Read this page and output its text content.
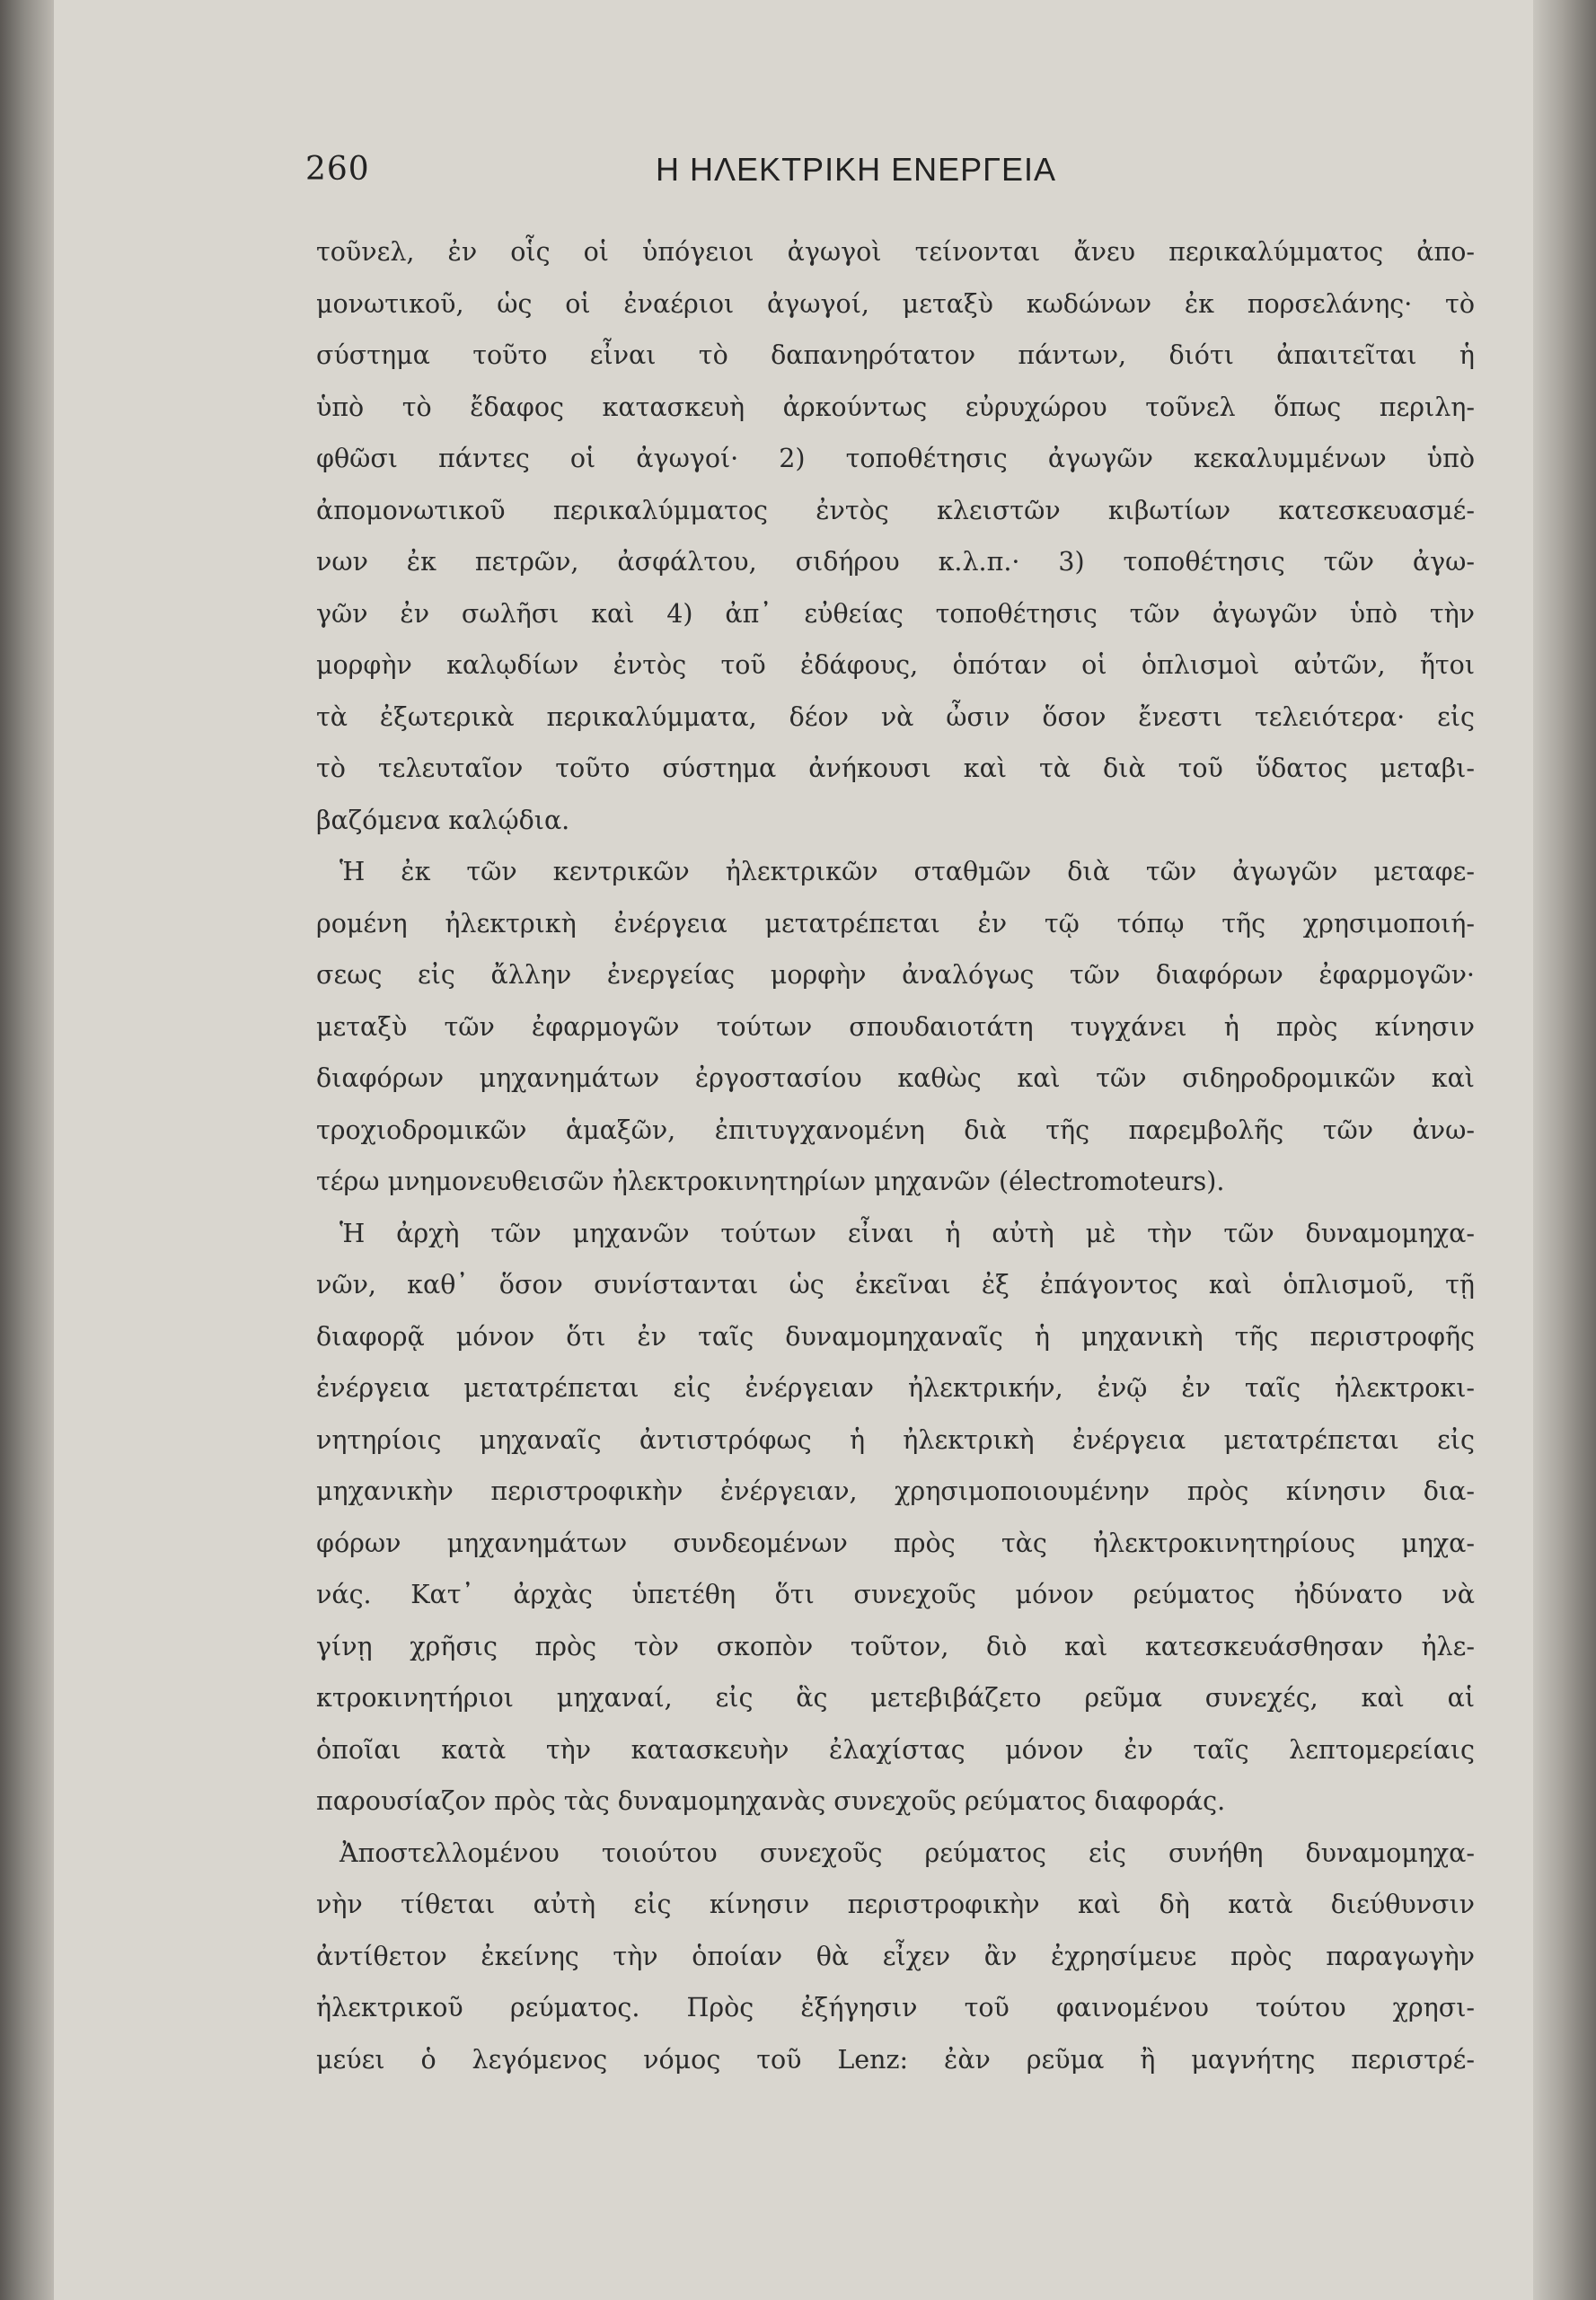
260	Η ΗΛΕΚΤΡΙΚΗ ΕΝΕΡΓΕΙΑ
τοῦνελ, ἐν οἷς οἱ ὑπόγειοι ἀγωγοὶ τείνονται ἄνευ περικαλύμματος ἀπο-
μονωτικοῦ, ὡς οἱ ἐναέριοι ἀγωγοί, μεταξὺ κωδώνων ἐκ πορσελάνης· τὸ
σύστημα τοῦτο εἶναι τὸ δαπανηρότατον πάντων, διότι ἀπαιτεῖται ἡ
ὑπὸ τὸ ἔδαφος κατασκευὴ ἀρκούντως εὐρυχώρου τοῦνελ ὅπως περιλη-
φθῶσι πάντες οἱ ἀγωγοί· 2) τοποθέτησις ἀγωγῶν κεκαλυμμένων ὑπὸ
ἀπομονωτικοῦ περικαλύμματος ἐντὸς κλειστῶν κιβωτίων κατεσκευασμέ-
νων ἐκ πετρῶν, ἀσφάλτου, σιδήρου κ.λ.π.· 3) τοποθέτησις τῶν ἀγω-
γῶν ἐν σωλῆσι καὶ 4) ἀπ᾽ εὐθείας τοποθέτησις τῶν ἀγωγῶν ὑπὸ τὴν
μορφὴν καλῳδίων ἐντὸς τοῦ ἐδάφους, ὁπόταν οἱ ὁπλισμοὶ αὐτῶν, ἤτοι
τὰ ἐξωτερικὰ περικαλύμματα, δέον νὰ ὦσιν ὅσον ἔνεστι τελειότερα· εἰς
τὸ τελευταῖον τοῦτο σύστημα ἀνήκουσι καὶ τὰ διὰ τοῦ ὕδατος μεταβι-
βαζόμενα καλῴδια.
Ἡ ἐκ τῶν κεντρικῶν ἠλεκτρικῶν σταθμῶν διὰ τῶν ἀγωγῶν μεταφε-
ρομένη ἠλεκτρικὴ ἐνέργεια μετατρέπεται ἐν τῷ τόπῳ τῆς χρησιμοποιή-
σεως εἰς ἄλλην ἐνεργείας μορφὴν ἀναλόγως τῶν διαφόρων ἐφαρμογῶν·
μεταξὺ τῶν ἐφαρμογῶν τούτων σπουδαιοτάτη τυγχάνει ἡ πρὸς κίνησιν
διαφόρων μηχανημάτων ἐργοστασίου καθὼς καὶ τῶν σιδηροδρομικῶν καὶ
τροχιοδρομικῶν ἁμαξῶν, ἐπιτυγχανομένη διὰ τῆς παρεμβολῆς τῶν ἀνω-
τέρω μνημονευθεισῶν ἠλεκτροκινητηρίων μηχανῶν (électromoteurs).
Ἡ ἀρχὴ τῶν μηχανῶν τούτων εἶναι ἡ αὐτὴ μὲ τὴν τῶν δυναμομηχα-
νῶν, καθ᾽ ὅσον συνίστανται ὡς ἐκεῖναι ἐξ ἐπάγοντος καὶ ὁπλισμοῦ, τῇ
διαφορᾷ μόνον ὅτι ἐν ταῖς δυναμομηχαναῖς ἡ μηχανικὴ τῆς περιστροφῆς
ἐνέργεια μετατρέπεται εἰς ἐνέργειαν ἠλεκτρικήν, ἐνῷ ἐν ταῖς ἠλεκτροκι-
νητηρίοις μηχαναῖς ἀντιστρόφως ἡ ἠλεκτρικὴ ἐνέργεια μετατρέπεται εἰς
μηχανικὴν περιστροφικὴν ἐνέργειαν, χρησιμοποιουμένην πρὸς κίνησιν δια-
φόρων μηχανημάτων συνδεομένων πρὸς τὰς ἠλεκτροκινητηρίους μηχα-
νάς. Κατ᾽ ἀρχὰς ὑπετέθη ὅτι συνεχοῦς μόνον ρεύματος ἠδύνατο νὰ
γίνῃ χρῆσις πρὸς τὸν σκοπὸν τοῦτον, διὸ καὶ κατεσκευάσθησαν ἠλε-
κτροκινητήριοι μηχαναί, εἰς ἃς μετεβιβάζετο ρεῦμα συνεχές, καὶ αἱ
ὁποῖαι κατὰ τὴν κατασκευὴν ἐλαχίστας μόνον ἐν ταῖς λεπτομερείαις
παρουσίαζον πρὸς τὰς δυναμομηχανὰς συνεχοῦς ρεύματος διαφοράς.
Ἀποστελλομένου τοιούτου συνεχοῦς ρεύματος εἰς συνήθη δυναμομηχα-
νὴν τίθεται αὐτὴ εἰς κίνησιν περιστροφικὴν καὶ δὴ κατὰ διεύθυνσιν
ἀντίθετον ἐκείνης τὴν ὁποίαν θὰ εἶχεν ἂν ἐχρησίμευε πρὸς παραγωγὴν
ἠλεκτρικοῦ ρεύματος. Πρὸς ἐξήγησιν τοῦ φαινομένου τούτου χρησι-
μεύει ὁ λεγόμενος νόμος τοῦ Lenz: ἐὰν ρεῦμα ἢ μαγνήτης περιστρέ-
